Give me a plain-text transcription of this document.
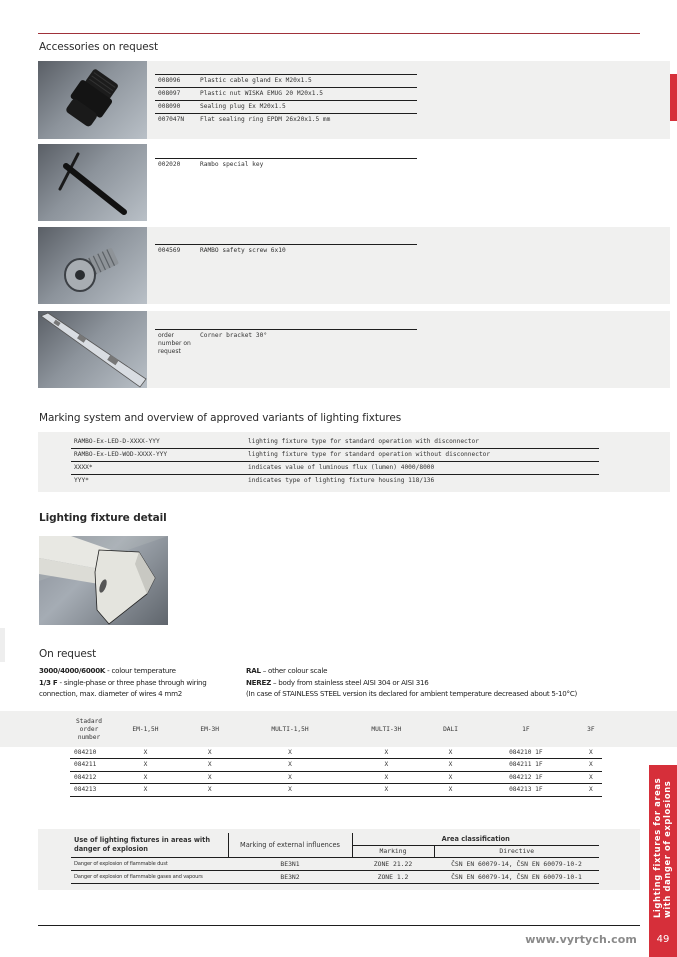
Accessories on request
008096	Plastic cable gland Ex M20x1.5
008097	Plastic nut WISKA EMUG 20 M20x1.5
008090	Sealing plug Ex M20x1.5
007047N	Flat sealing ring EPDM 26x20x1.5 mm
002020	Rambo special key
004569	RAMBO safety screw 6x10
order number on request	Corner bracket 30°
Marking system and overview of approved variants of lighting fixtures
RAMBO-Ex-LED-D-XXXX-YYY	lighting fixture type for standard operation with disconnector
RAMBO-Ex-LED-WOD-XXXX-YYY	lighting fixture type for standard operation without disconnector
XXXX*	indicates value of luminous flux (lumen) 4000/8000
YYY*	indicates type of lighting fixture housing 118/136
Lighting fixture detail
On request
3000/4000/6000K - colour temperature
1/3 F - single-phase or three phase through wiring
connection, max. diameter of wires 4 mm2
RAL – other colour scale
NEREZ – body from stainless steel AISI 304 or AISI 316
(In case of STAINLESS STEEL version its declared for ambient temperature decreased about 5-10°C)
Stadard
order
number	EM-1,5H	EM-3H	MULTI-1,5H	MULTI-3H	DALI	1F	3F
084210	X	X	X	X	X	084210 1F	X
084211	X	X	X	X	X	084211 1F	X
084212	X	X	X	X	X	084212 1F	X
084213	X	X	X	X	X	084213 1F	X
Use of lighting fixtures in areas with danger of explosion	Marking of external influences	Area classification	
		Marking	Directive
Danger of explosion of flammable dust	BE3N1	ZONE 21.22	ČSN EN 60079-14, ČSN EN 60079-10-2
Danger of explosion of flammable gases and vapours	BE3N2	ZONE 1.2	ČSN EN 60079-14, ČSN EN 60079-10-1
www.vyrtych.com
Lighting fixtures for areas with danger of explosions
49
